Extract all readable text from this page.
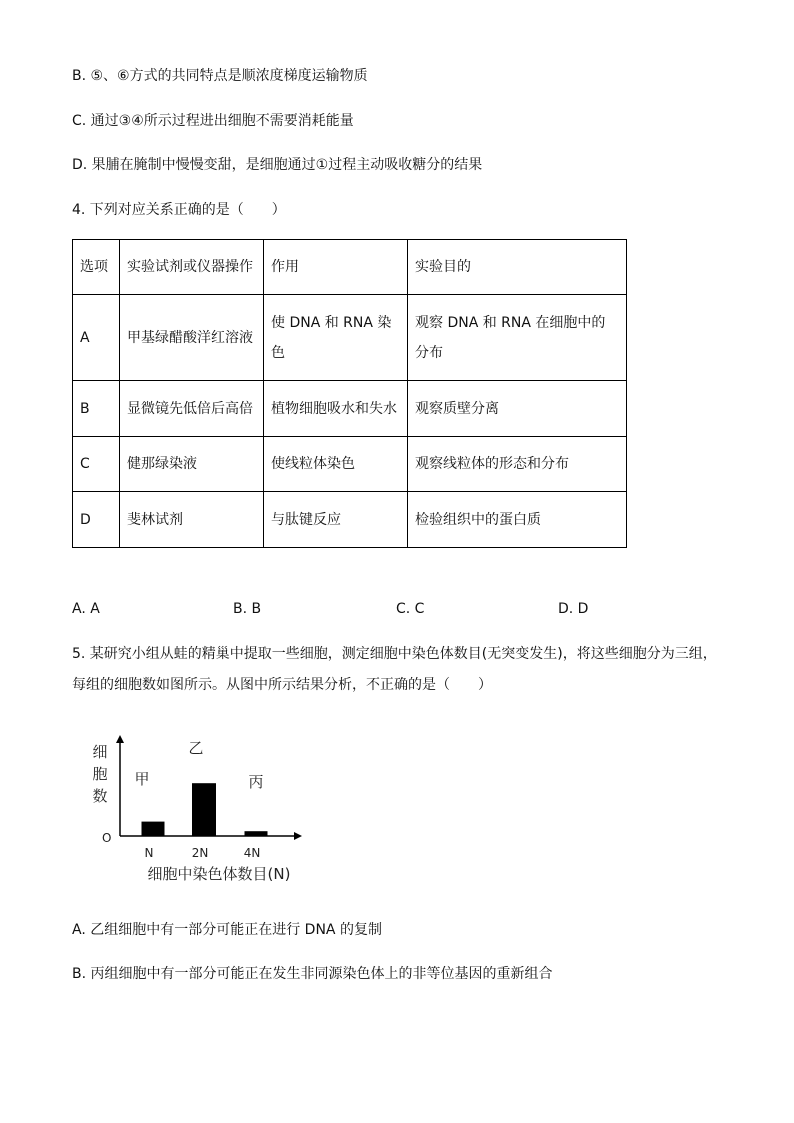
B. ⑤、⑥方式的共同特点是顺浓度梯度运输物质
C. 通过③④所示过程进出细胞不需要消耗能量
D. 果脯在腌制中慢慢变甜，是细胞通过①过程主动吸收糖分的结果
4. 下列对应关系正确的是（　　）
选项	实验试剂或仪器操作	作用	实验目的
A	甲基绿醋酸洋红溶液	使 DNA 和 RNA 染色	观察 DNA 和 RNA 在细胞中的分布
B	显微镜先低倍后高倍	植物细胞吸水和失水	观察质壁分离
C	健那绿染液	使线粒体染色	观察线粒体的形态和分布
D	斐林试剂	与肽键反应	检验组织中的蛋白质
A. A	B. B	C. C	D. D
5. 某研究小组从蛙的精巢中提取一些细胞，测定细胞中染色体数目(无突变发生)，将这些细胞分为三组，
每组的细胞数如图所示。从图中所示结果分析，不正确的是（　　）
O
细
胞
数
N	2N	4N
甲
乙
丙
细胞中染色体数目(N)
A. 乙组细胞中有一部分可能正在进行 DNA 的复制
B. 丙组细胞中有一部分可能正在发生非同源染色体上的非等位基因的重新组合
